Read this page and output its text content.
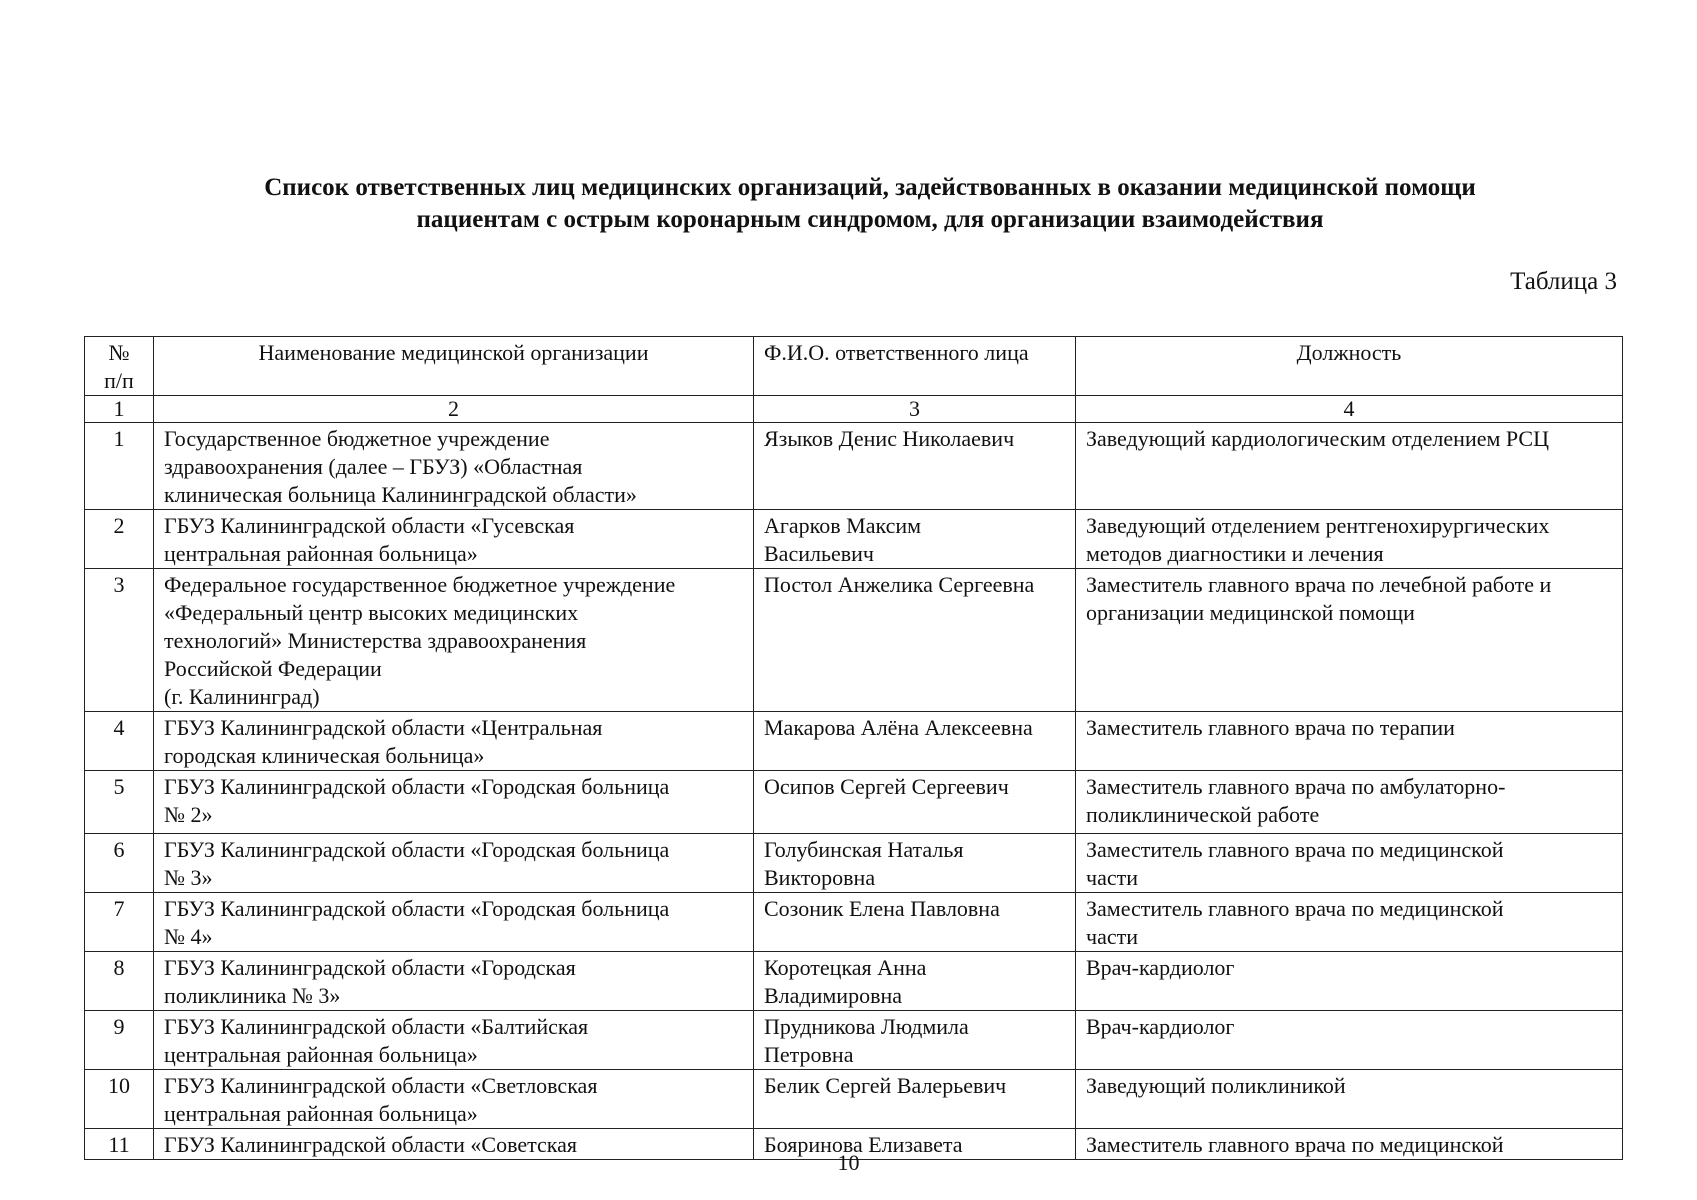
Список ответственных лиц медицинских организаций, задействованных в оказании медицинской помощи
пациентам с острым коронарным синдромом, для организации взаимодействия
Таблица 3
№
п/п	Наименование медицинской организации	Ф.И.О. ответственного лица	Должность
1	2	3	4
1	Государственное бюджетное учреждение
здравоохранения (далее – ГБУЗ) «Областная
клиническая больница Калининградской области»	Языков Денис Николаевич	Заведующий кардиологическим отделением РСЦ
2	ГБУЗ Калининградской области «Гусевская
центральная районная больница»	Агарков Максим
Васильевич	Заведующий отделением рентгенохирургических
методов диагностики и лечения
3	Федеральное государственное бюджетное учреждение
«Федеральный центр высоких медицинских
технологий» Министерства здравоохранения
Российской Федерации
(г. Калининград)	Постол Анжелика Сергеевна	Заместитель главного врача по лечебной работе и
организации медицинской помощи
4	ГБУЗ Калининградской области «Центральная
городская клиническая больница»	Макарова Алёна Алексеевна	Заместитель главного врача по терапии
5	ГБУЗ Калининградской области «Городская больница
№ 2»	Осипов Сергей Сергеевич	Заместитель главного врача по амбулаторно-
поликлинической работе
6	ГБУЗ Калининградской области «Городская больница
№ 3»	Голубинская Наталья
Викторовна	Заместитель главного врача по медицинской
части
7	ГБУЗ Калининградской области «Городская больница
№ 4»	Созоник Елена Павловна	Заместитель главного врача по медицинской
части
8	ГБУЗ Калининградской области «Городская
поликлиника № 3»	Коротецкая Анна
Владимировна	Врач-кардиолог
9	ГБУЗ Калининградской области «Балтийская
центральная районная больница»	Прудникова Людмила
Петровна	Врач-кардиолог
10	ГБУЗ Калининградской области «Светловская
центральная районная больница»	Белик Сергей Валерьевич	Заведующий поликлиникой
11	ГБУЗ Калининградской области «Советская	Бояринова Елизавета	Заместитель главного врача по медицинской
10
